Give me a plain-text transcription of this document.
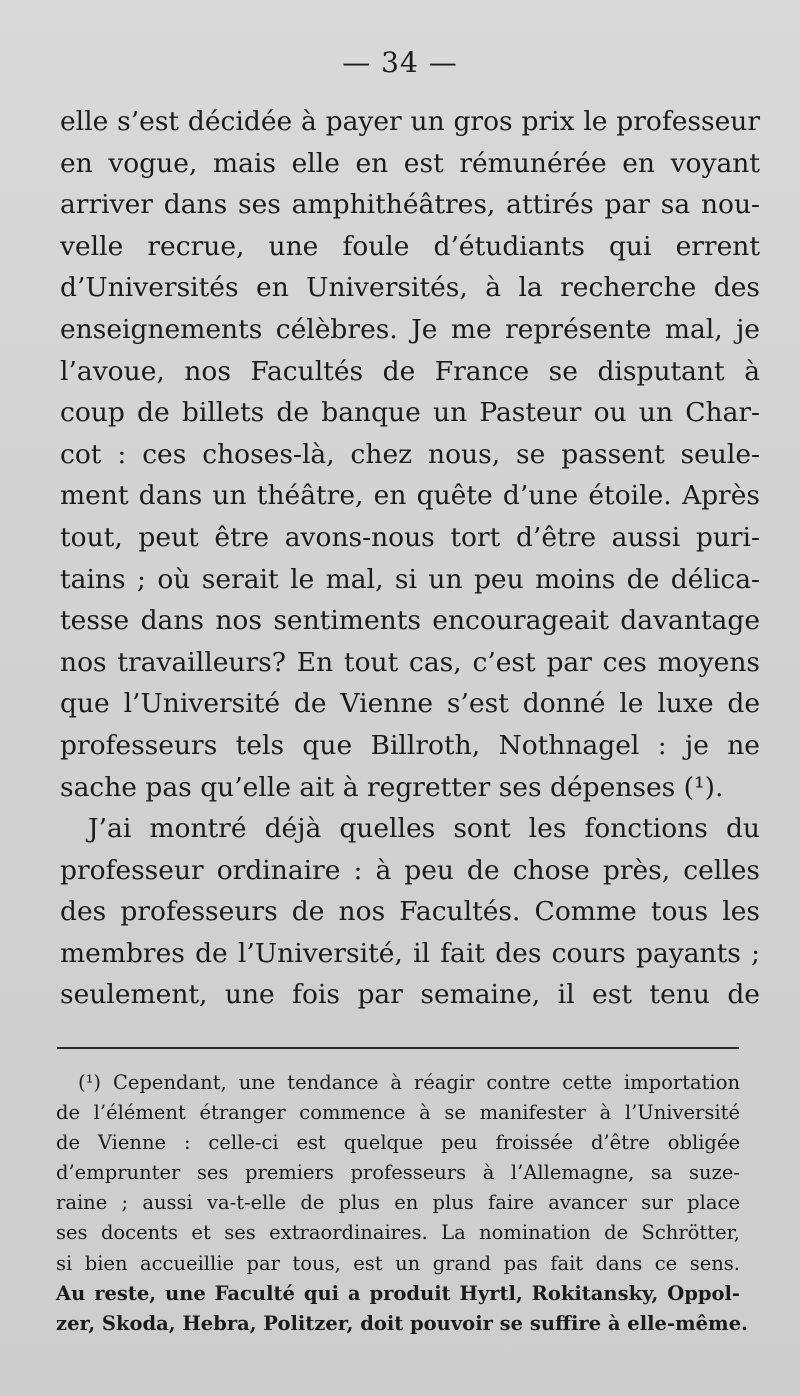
— 34 —
elle s’est décidée à payer un gros prix le professeur
en vogue, mais elle en est rémunérée en voyant
arriver dans ses amphithéâtres, attirés par sa nou-
velle recrue, une foule d’étudiants qui errent
d’Universités en Universités, à la recherche des
enseignements célèbres. Je me représente mal, je
l’avoue, nos Facultés de France se disputant à
coup de billets de banque un Pasteur ou un Char-
cot : ces choses-là, chez nous, se passent seule-
ment dans un théâtre, en quête d’une étoile. Après
tout, peut être avons-nous tort d’être aussi puri-
tains ; où serait le mal, si un peu moins de délica-
tesse dans nos sentiments encourageait davantage
nos travailleurs? En tout cas, c’est par ces moyens
que l’Université de Vienne s’est donné le luxe de
professeurs tels que Billroth, Nothnagel : je ne
sache pas qu’elle ait à regretter ses dépenses (¹).
J’ai montré déjà quelles sont les fonctions du
professeur ordinaire : à peu de chose près, celles
des professeurs de nos Facultés. Comme tous les
membres de l’Université, il fait des cours payants ;
seulement, une fois par semaine, il est tenu de
(¹) Cependant, une tendance à réagir contre cette importation
de l’élément étranger commence à se manifester à l’Université
de Vienne : celle-ci est quelque peu froissée d’être obligée
d’emprunter ses premiers professeurs à l’Allemagne, sa suze-
raine ; aussi va-t-elle de plus en plus faire avancer sur place
ses docents et ses extraordinaires. La nomination de Schrötter,
si bien accueillie par tous, est un grand pas fait dans ce sens.
Au reste, une Faculté qui a produit Hyrtl, Rokitansky, Oppol-
zer, Skoda, Hebra, Politzer, doit pouvoir se suffire à elle-même.
